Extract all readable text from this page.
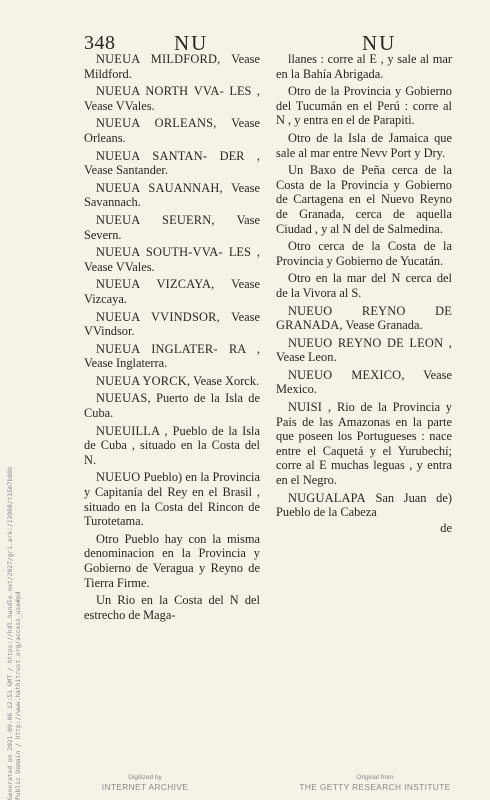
Generated on 2021-09-06 12:51 GMT / https://hdl.handle.net/2027/gri.ark:/13960/t15m7b80b Public Domain / http://www.hathitrust.org/access_use#pd
348	NU	NU

NUEUA MILDFORD, Vease Mildford.

NUEUA NORTH VVA- LES , Vease VVales.

NUEUA ORLEANS, Vease Orleans.

NUEUA SANTAN- DER , Vease Santander.

NUEUA SAUANNAH, Vease Savannach.

NUEUA SEUERN, Vase Severn.

NUEUA SOUTH-VVA- LES , Vease VVales.

NUEUA VIZCAYA, Vease Vizcaya.

NUEUA VVINDSOR, Vease VVindsor.

NUEUA INGLATER- RA , Vease Inglaterra.

NUEUA YORCK, Vease Xorck.

NUEUAS, Puerto de la Isla de Cuba.

NUEUILLA , Pueblo de la Isla de Cuba , situado en la Costa del N.

NUEUO Pueblo) en la Provincia y Capitanía del Rey en el Brasil , situado en la Costa del Rincon de Turotetama.

Otro Pueblo hay con la misma denominacion en la Provincia y Gobierno de Veragua y Reyno de Tierra Firme.

Un Rio en la Costa del N del estrecho de Maga-

llanes : corre al E , y sale al mar en la Bahía Abrigada.

Otro de la Provincia y Gobierno del Tucumán en el Perú : corre al N , y entra en el de Parapiti.

Otro de la Isla de Jamaica que sale al mar entre Nevv Port y Dry.

Un Baxo de Peña cerca de la Costa de la Provincia y Gobierno de Cartagena en el Nuevo Reyno de Granada, cerca de aquella Ciudad , y al N del de Salmedina.

Otro cerca de la Costa de la Provincia y Gobierno de Yucatán.

Otro en la mar del N cerca del de la Vivora al S.

NUEUO REYNO DE GRANADA, Vease Granada.

NUEUO REYNO DE LEON , Vease Leon.

NUEUO MEXICO, Vease Mexico.

NUISI , Rio de la Provincia y Pais de las Amazonas en la parte que poseen los Portugueses : nace entre el Caquetá y el Yurubechí; corre al E muchas leguas , y entra en el Negro.

NUGUALAPA San Juan de) Pueblo de la Cabeza

de
Digitized by
INTERNET ARCHIVE
Original from
THE GETTY RESEARCH INSTITUTE
